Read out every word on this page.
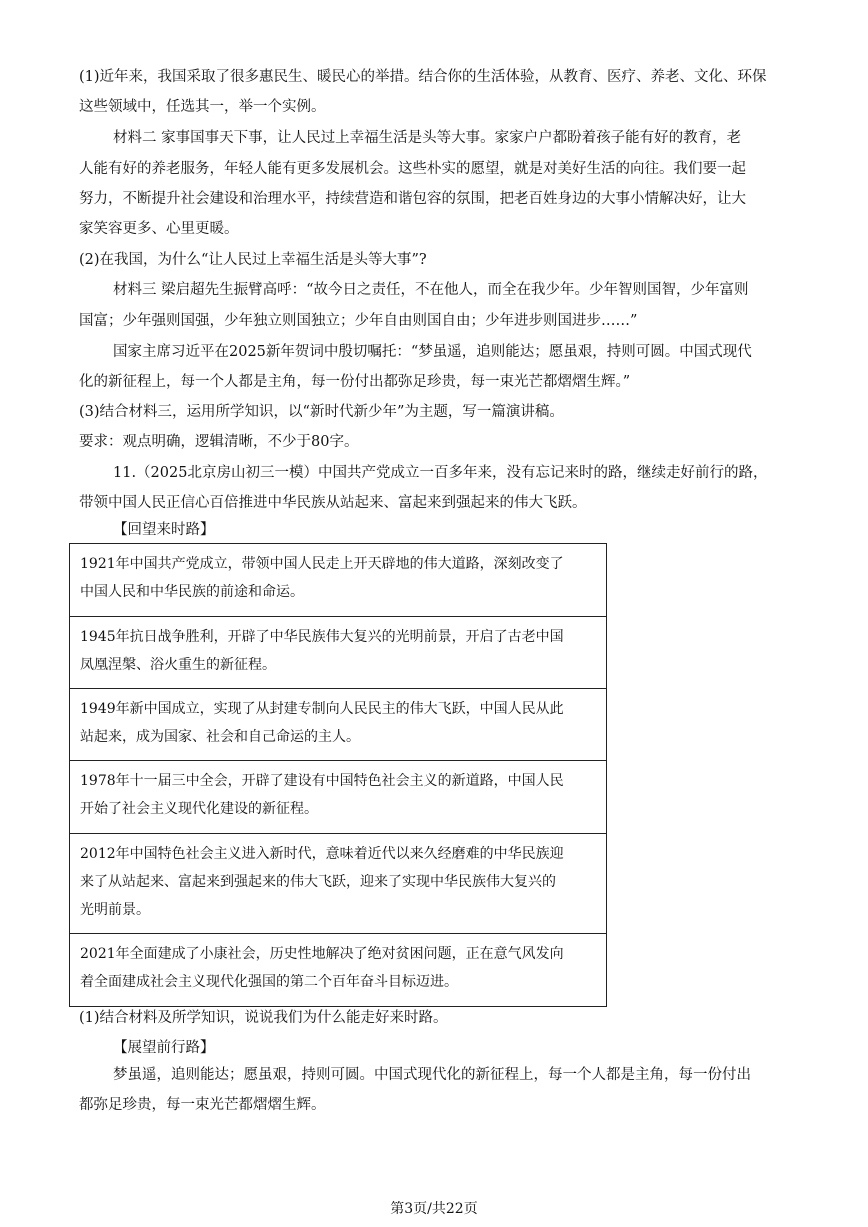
(1)近年来，我国采取了很多惠民生、暖民心的举措。结合你的生活体验，从教育、医疗、养老、文化、环保
这些领域中，任选其一，举一个实例。
材料二 家事国事天下事，让人民过上幸福生活是头等大事。家家户户都盼着孩子能有好的教育，老
人能有好的养老服务，年轻人能有更多发展机会。这些朴实的愿望，就是对美好生活的向往。我们要一起
努力，不断提升社会建设和治理水平，持续营造和谐包容的氛围，把老百姓身边的大事小情解决好，让大
家笑容更多、心里更暖。
(2)在我国，为什么“让人民过上幸福生活是头等大事”?
材料三 梁启超先生振臂高呼：“故今日之责任，不在他人，而全在我少年。少年智则国智，少年富则
国富；少年强则国强，少年独立则国独立；少年自由则国自由；少年进步则国进步……”
国家主席习近平在2025新年贺词中殷切嘱托：“梦虽遥，追则能达；愿虽艰，持则可圆。中国式现代
化的新征程上，每一个人都是主角，每一份付出都弥足珍贵，每一束光芒都熠熠生辉。”
(3)结合材料三，运用所学知识，以“新时代新少年”为主题，写一篇演讲稿。
要求：观点明确，逻辑清晰，不少于80字。
11.（2025北京房山初三一模）中国共产党成立一百多年来，没有忘记来时的路，继续走好前行的路，
带领中国人民正信心百倍推进中华民族从站起来、富起来到强起来的伟大飞跃。
【回望来时路】
1921年中国共产党成立，带领中国人民走上开天辟地的伟大道路，深刻改变了
中国人民和中华民族的前途和命运。
1945年抗日战争胜利，开辟了中华民族伟大复兴的光明前景，开启了古老中国
凤凰涅槃、浴火重生的新征程。
1949年新中国成立，实现了从封建专制向人民民主的伟大飞跃，中国人民从此
站起来，成为国家、社会和自己命运的主人。
1978年十一届三中全会，开辟了建设有中国特色社会主义的新道路，中国人民
开始了社会主义现代化建设的新征程。
2012年中国特色社会主义进入新时代，意味着近代以来久经磨难的中华民族迎
来了从站起来、富起来到强起来的伟大飞跃，迎来了实现中华民族伟大复兴的
光明前景。
2021年全面建成了小康社会，历史性地解决了绝对贫困问题，正在意气风发向
着全面建成社会主义现代化强国的第二个百年奋斗目标迈进。
(1)结合材料及所学知识，说说我们为什么能走好来时路。
【展望前行路】
梦虽遥，追则能达；愿虽艰，持则可圆。中国式现代化的新征程上，每一个人都是主角，每一份付出
都弥足珍贵，每一束光芒都熠熠生辉。
第3页/共22页
